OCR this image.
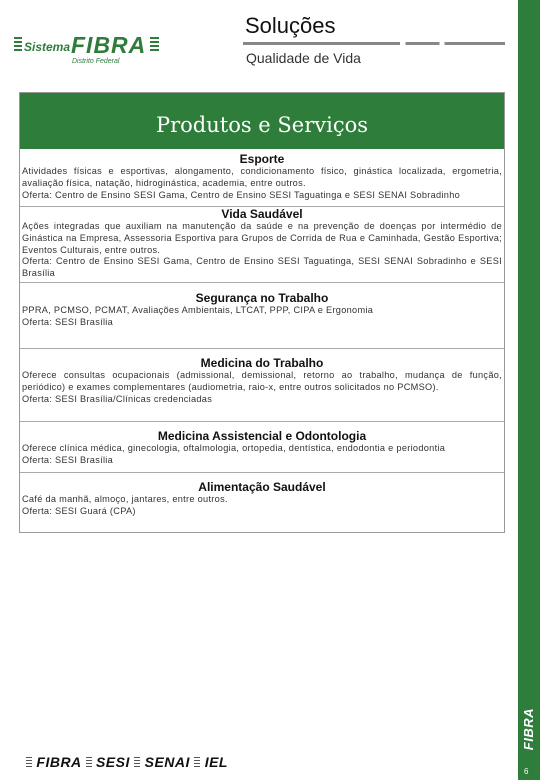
FIBRA
6
Sistema FIBRA
Distrito Federal
Soluções
Qualidade de Vida
Produtos e Serviços
Esporte
Atividades físicas e esportivas, alongamento, condicionamento físico, ginástica localizada, ergometria, avaliação física, natação, hidroginástica, academia, entre outros.
Oferta: Centro de Ensino SESI Gama, Centro de Ensino SESI Taguatinga e SESI SENAI Sobradinho
Vida Saudável
Ações integradas que auxiliam na manutenção da saúde e na prevenção de doenças por intermédio de Ginástica na Empresa, Assessoria Esportiva para Grupos de Corrida de Rua e Caminhada, Gestão Esportiva; Eventos Culturais, entre outros.
Oferta: Centro de Ensino SESI Gama, Centro de Ensino SESI Taguatinga, SESI SENAI Sobradinho e SESI Brasília
Segurança no Trabalho
PPRA, PCMSO, PCMAT, Avaliações Ambientais, LTCAT, PPP, CIPA e Ergonomia
Oferta: SESI Brasília
Medicina do Trabalho
Oferece consultas ocupacionais (admissional, demissional, retorno ao trabalho, mudança de função, periódico) e exames complementares (audiometria, raio-x, entre outros solicitados no PCMSO).
Oferta: SESI Brasília/Clínicas credenciadas
Medicina Assistencial e Odontologia
Oferece clínica médica, ginecologia, oftalmologia, ortopedia, dentística, endodontia e periodontia
Oferta: SESI Brasília
Alimentação Saudável
Café da manhã, almoço, jantares, entre outros.
Oferta: SESI Guará (CPA)
FIBRA SESI SENAI IEL
